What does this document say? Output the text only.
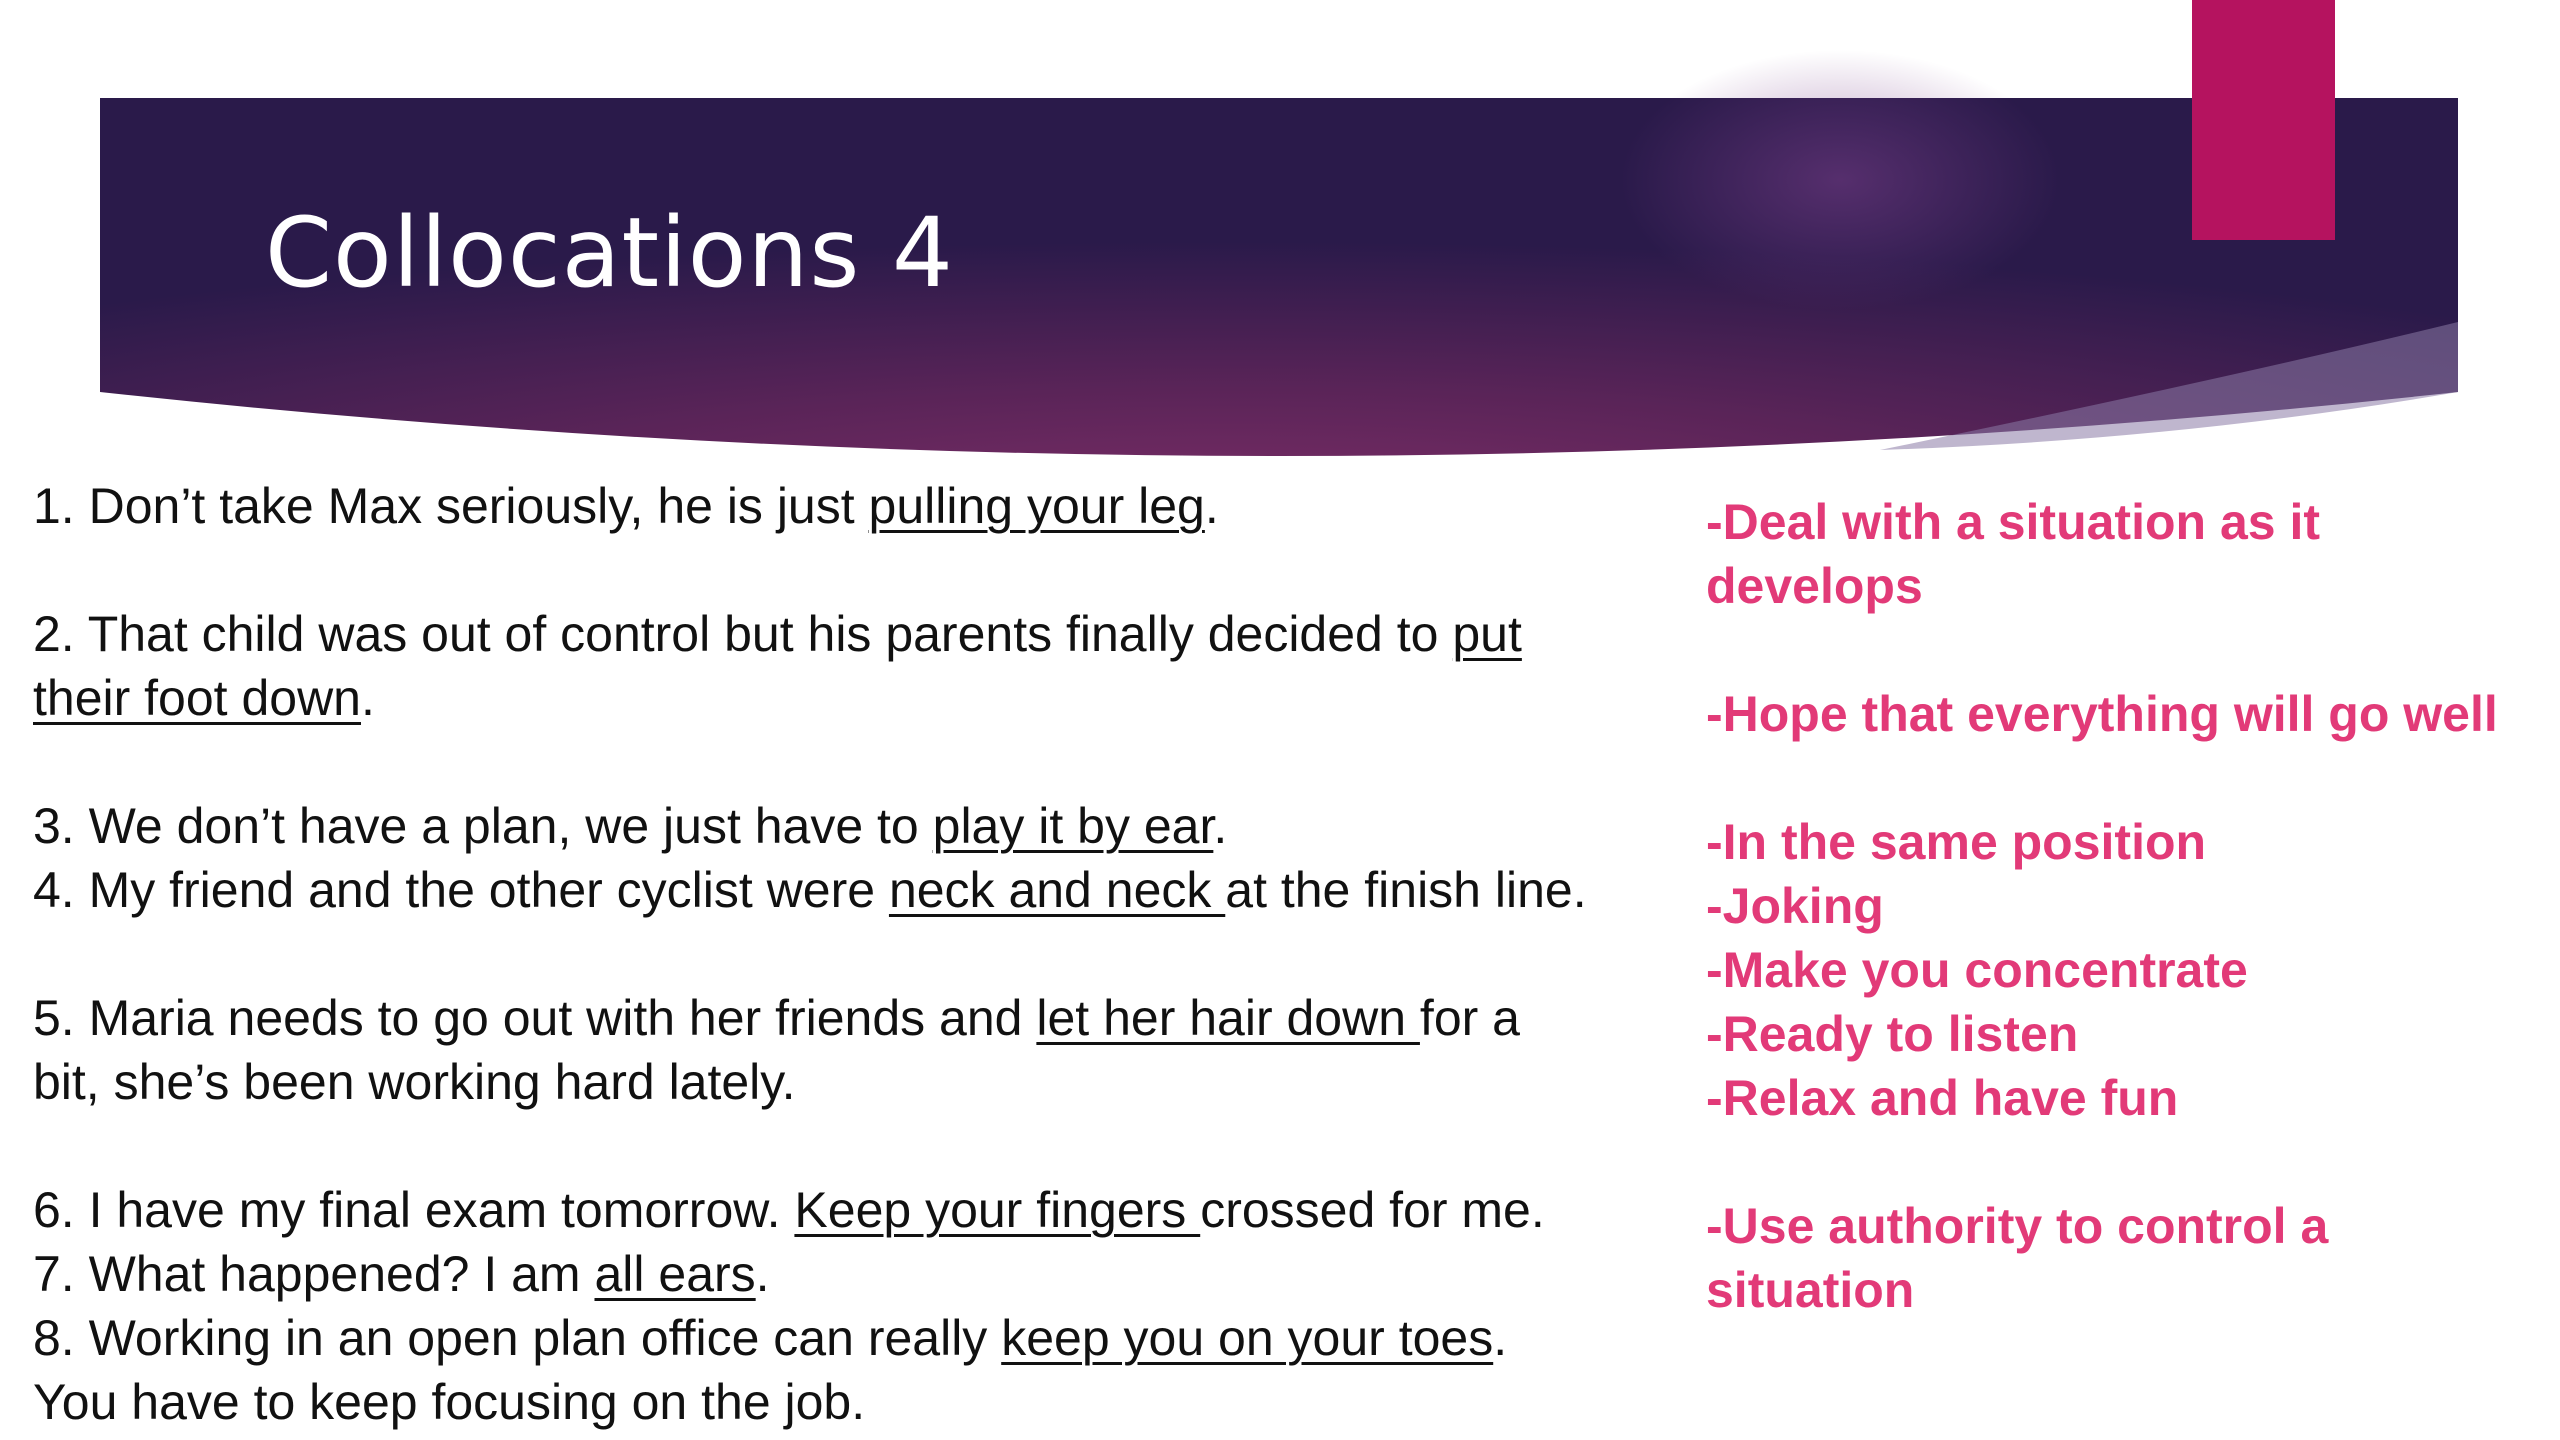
Collocations 4
1. Don’t take Max seriously, he is just pulling your leg.
2. That child was out of control but his parents finally decided to put
their foot down.
3. We don’t have a plan, we just have to play it by ear.
4. My friend and the other cyclist were neck and neck at the finish line.
5. Maria needs to go out with her friends and let her hair down for a
bit, she’s been working hard lately.
6. I have my final exam tomorrow. Keep your fingers crossed for me.
7. What happened? I am all ears.
8. Working in an open plan office can really keep you on your toes.
You have to keep focusing on the job.
-Deal with a situation as it
develops
-Hope that everything will go well
-In the same position
-Joking
-Make you concentrate
-Ready to listen
-Relax and have fun
-Use authority to control a
situation
